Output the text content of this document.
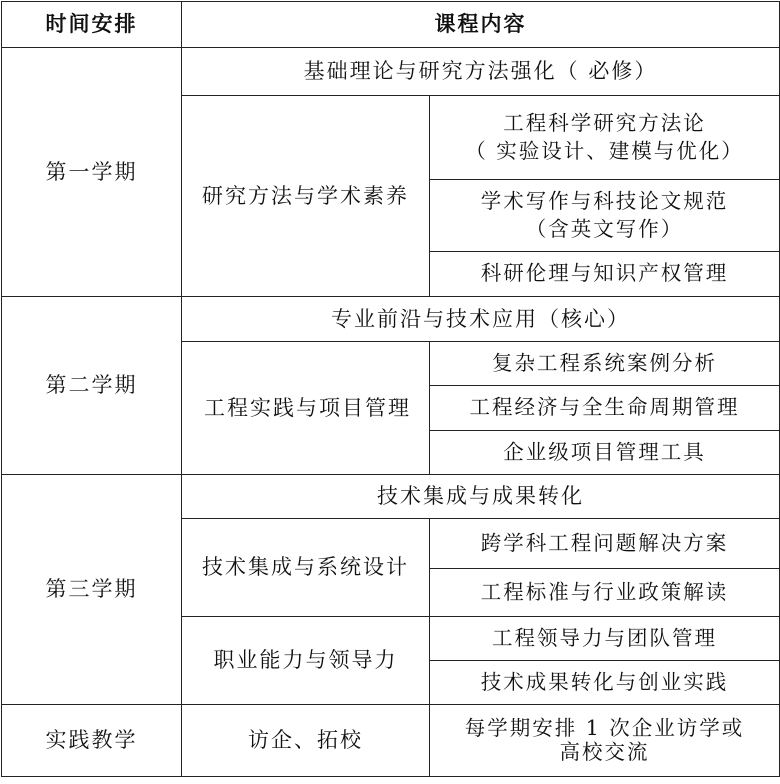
时间安排	课程内容	
第一学期	基础理论与研究方法强化（ 必修）	
	研究方法与学术素养	工程科学研究方法论
（ 实验设计、建模与优化）

		学术写作与科技论文规范
（含英文写作）

		科研伦理与知识产权管理
第二学期	专业前沿与技术应用（核心）	
	工程实践与项目管理	复杂工程系统案例分析
		工程经济与全生命周期管理
		企业级项目管理工具
第三学期	技术集成与成果转化	
	技术集成与系统设计	跨学科工程问题解决方案
		工程标准与行业政策解读
	职业能力与领导力	工程领导力与团队管理
		技术成果转化与创业实践
实践教学	访企、拓校	每学期安排 1 次企业访学或
高校交流
